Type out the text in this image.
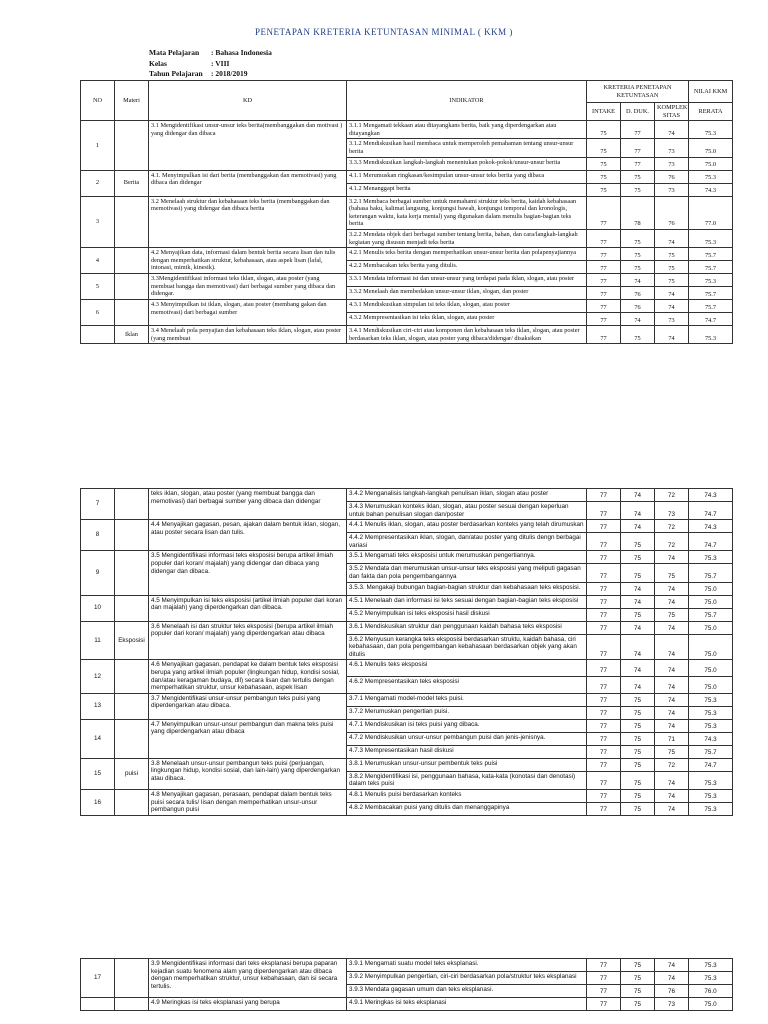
PENETAPAN KRETERIA KETUNTASAN MINIMAL ( KKM )
Mata Pelajaran	: Bahasa Indonesia
Kelas	: VIII
Tahun Pelajaran	: 2018/2019
NO	Materi	KD	INDIKATOR	KRETERIA PENETAPAN KETUNTASAN			NILAI KKM
				INTAKE	D. DUK.	KOMPLEK SITAS	RERATA
1		3.1 Mengidentifikasi unsur-unsur teks berita(membanggakan dan motivasi ) yang didengar dan dibaca	3.1.1 Mengamati tekkaan atau ditayangkans berita, baik yang diperdengarkan atau ditayangkan	75	77	74	75.3
			3.1.2 Mendiskusikan hasil membaca untuk memperoleh pemahaman tentang unsur-unsur berita	75	77	73	75.0
			3.3.3 Mendiskusikan langkah-langkah menentukan pokok-pokok/unsur-unsur berita	75	77	73	75.0
2	Berita	4.1. Menyimpulkan isi dari berita (membanggakan dan memotivasi) yang dibaca dan didengar	4.1.1 Merumuskan ringkasan/kesimpulan unsur-unsur teks berita yang dibaca	75	75	76	75.3
			4.1.2 Menanggapi berita	75	75	73	74.3
3		3.2 Menelaah struktur dan kebahasaan teks berita (membanggakan dan memotivasi) yang didengar dan dibaca berita	3.2.1 Membaca berbagai sumber untuk memahami struktur teks berita, kaidah kebahasaan (bahasa baku, kalimat langsung, konjungsi bawah, konjungsi temporal dan kronologis, keterangan waktu, kata kerja mental) yang digunakan dalam menulis bagian-bagian teks berita	77	78	76	77.0
			3.2.2 Mendata objek dari berbagai sumber tentang berita, bahan, dan cara/langkah-langkah kegiatan yang disusun menjadi teks berita	77	75	74	75.3
4		4.2 Menyajikan data, informasi dalam bentuk berita secara lisan dan tulis dengan memperhatikan struktur, kebahasaan, atau aspek lisan (lafal, intonasi, mimik, kinesik).	4.2.1 Menulis teks berita dengan memperhatikan unsur-unsur berita dan polapenyajiannya	77	75	75	75.7
			4.2.2 Membacakan teks berita yang ditulis.	77	75	75	75.7
5		3.3Mengidentifikasi informasi teks iklan, slogan, atau poster (yang membuat bangga dan memotivasi) dari berbagai sumber yang dibaca dan didengar.	3.3.1 Mendata informasi isi dan unsur-unsur yang terdapat pada iklan, slogan, atau poster	77	74	75	75.3
			3.3.2 Menelaah dan membedakan unsur-unsur iklan, slogan, dan poster	77	76	74	75.7
6		4.3 Menyimpulkan isi iklan, slogan, atau poster (membang gakan dan memotivasi) dari berbagai sumber	4.3.1 Mendiskusikan simpulan isi teks iklan, slogan, atau poster	77	76	74	75.7
			4.3.2 Mempresentasikan isi teks iklan, slogan, atau poster	77	74	73	74.7
	Iklan	3.4 Menelaah pola penyajian dan kebahasaan teks iklan, slogan, atau poster (yang membuat	3.4.1 Mendiskusikan ciri-ciri atau komponen dan kebahasaan teks iklan, slogan, atau poster berdasarkan teks iklan, slogan, atau poster yang dibaca/didengar/ disaksikan	77	75	74	75.3
7		teks iklan, slogan, atau poster (yang membuat bangga dan memotivasi) dari berbagai sumber yang dibaca dan didengar	3.4.2 Menganalisis langkah-langkah penulisan iklan, slogan atau poster	77	74	72	74.3
			3.4.3 Merumuskan konteks iklan, slogan, atau poster sesuai dengan keperluan untuk bahan penulisan slogan dan/poster	77	74	73	74.7
8		4.4 Menyajikan gagasan, pesan, ajakan dalam bentuk iklan, slogan, atau poster secara lisan dan tulis.	4.4.1 Menulis iklan, slogan, atau poster berdasarkan konteks yang telah dirumuskan	77	74	72	74.3
			4.4.2 Mempresentasikan iklan, slogan, dan/atau poster yang ditulis dengn berbagai variasi	77	75	72	74.7
9		3.5 Mengidentifikasi informasi teks eksposisi berupa artikel ilmiah populer dari koran/ majalah) yang didengar dan dibaca yang didengar dan dibaca.	3.5.1 Mengamati teks eksposisi untuk merumuskan pengertiannya.	77	75	74	75.3
			3.5.2 Mendata dan merumuskan unsur-unsur teks eksposisi yang meliputi gagasan dan fakta dan pola pengembangannya	77	75	75	75.7
			3.5.3. Mengakaji bubungan bagian-bagian struktur dan kebahasaan teks eksposisi.	77	74	74	75.0
10		4.5 Menyimpulkan isi teks eksposisi (artikel ilmiah populer dari koran dan majalah) yang diperdengarkan dan dibaca.	4.5.1 Menelaah dan informasi isi teks sesuai dengan bagian-bagian teks eksposisi	77	74	74	75.0
			4.5.2 Menyimpulkan isi teks eksposisi hasil diskusi	77	75	75	75.7
11	Eksposisi	3.6 Menelaah isi dan struktur teks eksposisi (berupa artikel ilmiah populer dari koran/ majalah) yang diperdengarkan atau dibaca	3.6.1 Mendiskusikan struktur dan penggunaan kaidah bahasa teks eksposisi	77	74	74	75.0
			3.6.2 Menyusun kerangka teks eksposisi berdasarkan struktu, kaidah bahasa, ciri kebahasaan, dan pola pengembangan kebahasaan berdasarkan objek yang akan ditulis	77	74	74	75.0
12		4.6 Menyajikan gagasan, pendapat ke dalam bentuk teks eksposisi berupa yang artikel ilmiah populer (lingkungan hidup, kondisi sosial, dan/atau keragaman budaya, dll) secara lisan dan tertulis dengan memperhatikan struktur, unsur kebahasaan, aspek lisan	4.6.1 Menulis teks eksposisi	77	74	74	75.0
			4.6.2 Mempresentasikan teks eksposisi	77	74	74	75.0
13		3.7 Mengidentifikasi unsur-unsur pembangun teks puisi yang diperdengarkan atau dibaca.	3.7.1 Mengamati model-model teks puisi.	77	75	74	75.3
			3.7.2 Merumuskan pengertian puisi.	77	75	74	75.3
14		4.7 Menyimpulkan unsur-unsur pembangun dan makna teks puisi yang diperdengarkan atau dibaca	4.7.1 Mendiskusikan isi teks puisi yang dibaca.	77	75	74	75.3
			4.7.2 Mendiskusikan unsur-unsur pembangun puisi dan jenis-jenisnya.	77	75	71	74.3
			4.7.3 Mempresentasikan hasil diskusi	77	75	75	75.7
15	puisi	3.8 Menelaah unsur-unsur pembangun teks puisi (perjuangan, lingkungan hidup, kondisi sosial, dan lain-lain) yang diperdengarkan atau dibaca.	3.8.1 Merumuskan unsur-unsur pembentuk teks puisi	77	75	72	74.7
			3.8.2 Mengidentifikasi isi, penggunaan bahasa, kata-kata (konotasi dan denotasi) dalam teks puisi	77	75	74	75.3
16		4.8 Menyajikan gagasan, perasaan, pendapat dalam bentuk teks puisi secara tulis/ lisan dengan memperhatikan unsur-unsur pembangun puisi	4.8.1 Menulis puisi berdasarkan konteks	77	75	74	75.3
			4.8.2 Membacakan puisi yang ditulis dan menanggapinya	77	75	74	75.3
17		3.9 Mengidentifikasi informasi dari teks eksplanasi berupa paparan kejadian suatu fenomena alam yang diperdengarkan atau dibaca dengan memperhatikan struktur, unsur kebahasaan, dan isi secara tertulis.	3.9.1 Mengamati suatu model teks eksplanasi.	77	75	74	75.3
			3.9.2 Menyimpulkan pengertian, ciri-ciri berdasarkan pola/struktur teks eksplanasi	77	75	74	75.3
			3.9.3 Mendata gagasan umum dan teks eksplanasi.	77	75	76	76.0
		4.9 Meringkas isi teks eksplanasi yang berupa	4.9.1 Meringkas isi teks eksplanasi	77	75	73	75.0
